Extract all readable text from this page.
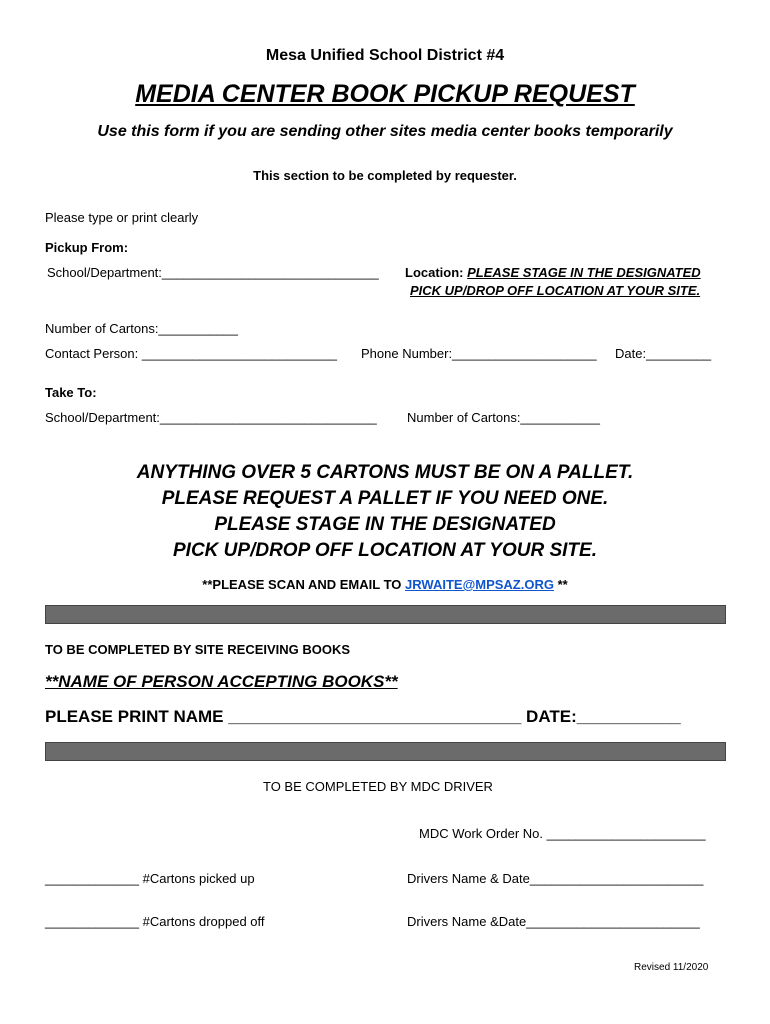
Mesa Unified School District #4
MEDIA CENTER BOOK PICKUP REQUEST
Use this form if you are sending other sites media center books temporarily
This section to be completed by requester.
Please type or print clearly
Pickup From:
School/Department:______________________________ Location: PLEASE STAGE IN THE DESIGNATED
PICK UP/DROP OFF LOCATION AT YOUR SITE.
Number of Cartons:___________
Contact Person: ___________________________ Phone Number:____________________ Date:_________
Take To:
School/Department:______________________________ Number of Cartons:___________
ANYTHING OVER 5 CARTONS MUST BE ON A PALLET.
PLEASE REQUEST A PALLET IF YOU NEED ONE.
PLEASE STAGE IN THE DESIGNATED
PICK UP/DROP OFF LOCATION AT YOUR SITE.
**PLEASE SCAN AND EMAIL TO JRWAITE@MPSAZ.ORG **
TO BE COMPLETED BY SITE RECEIVING BOOKS
**NAME OF PERSON ACCEPTING BOOKS**
PLEASE PRINT NAME _______________________________ DATE:___________
TO BE COMPLETED BY MDC DRIVER
MDC Work Order No. ______________________
_____________ #Cartons picked up	Drivers Name & Date________________________
_____________ #Cartons dropped off	Drivers Name &Date________________________
Revised 11/2020
